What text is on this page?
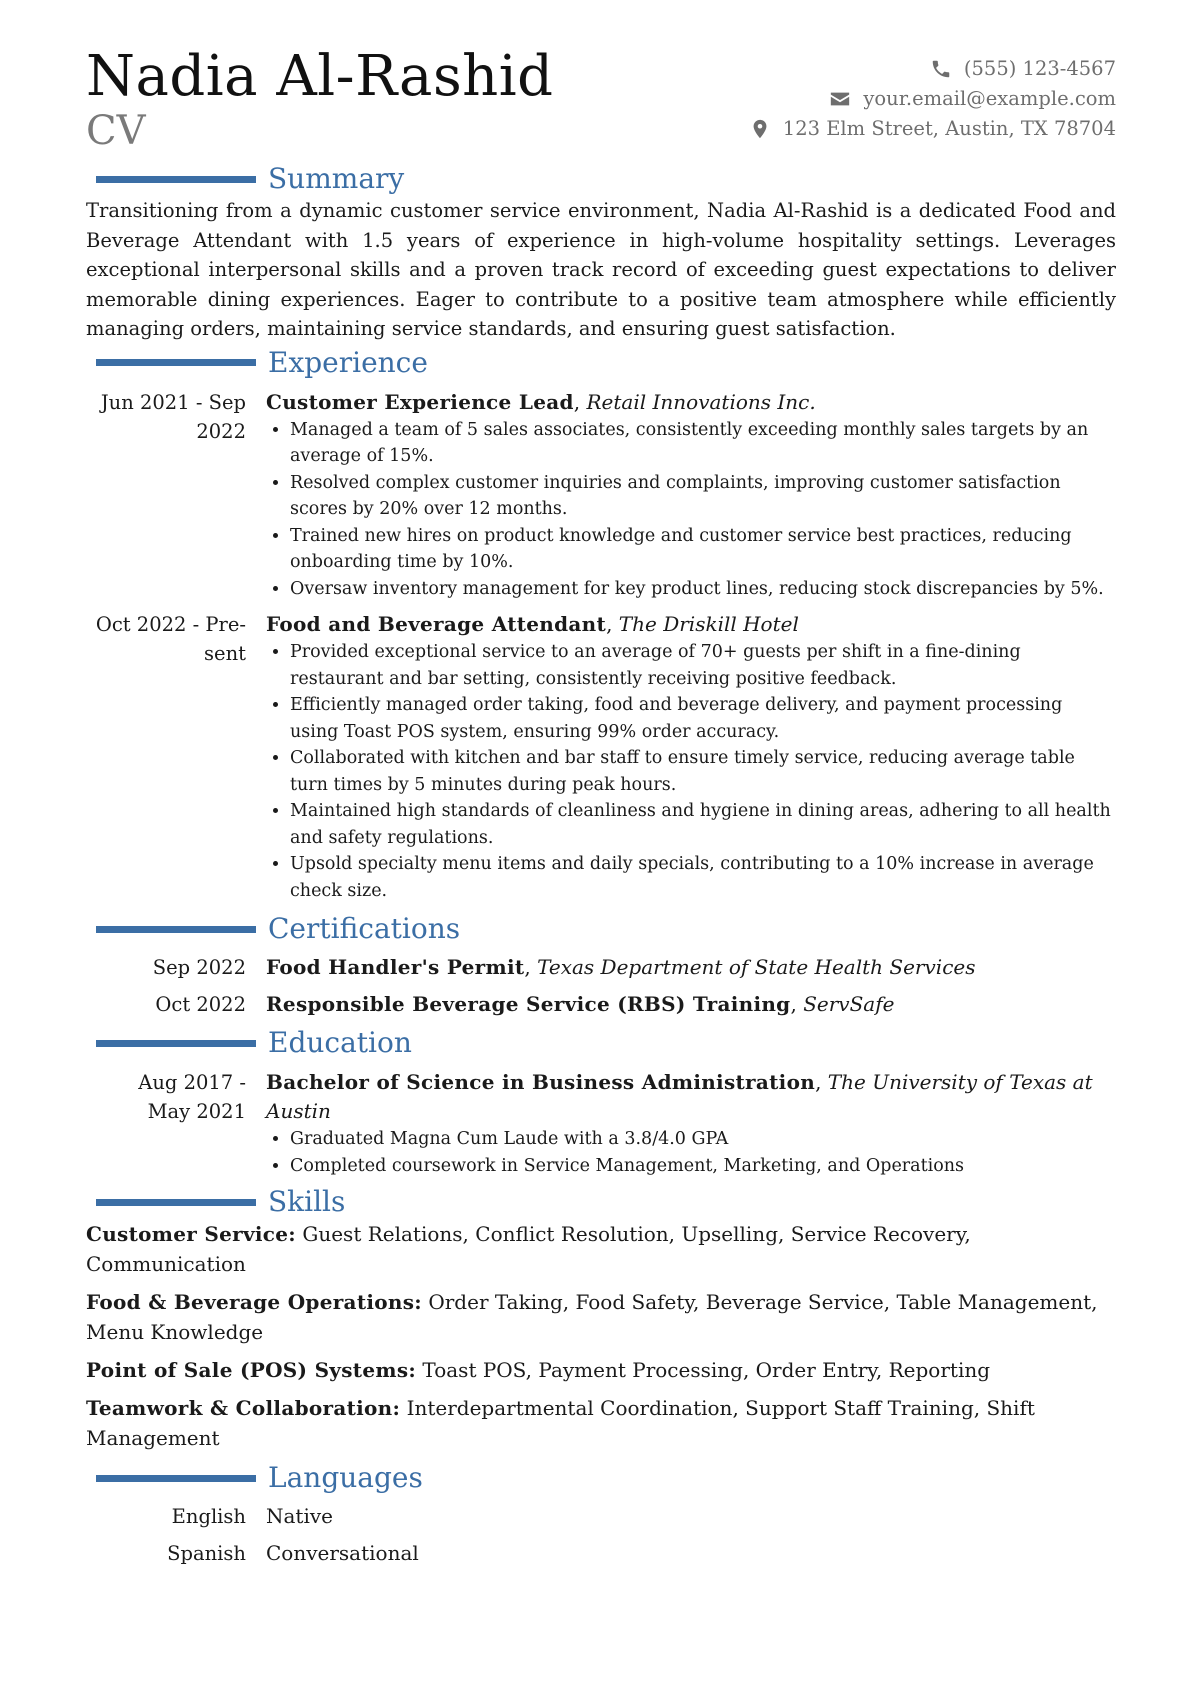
Nadia Al-Rashid
CV
(555) 123-4567
your.email@example.com
123 Elm Street, Austin, TX 78704
Summary

Transitioning from a dynamic customer service environment, Nadia Al-Rashid is a dedicated Food and Beverage Attendant with 1.5 years of experience in high-volume hospitality settings. Leverages exceptional interpersonal skills and a proven track record of exceeding guest expectations to deliver memorable dining experiences. Eager to contribute to a positive team atmosphere while efficiently managing orders, maintaining service standards, and ensuring guest satisfaction.

Experience
Jun 2021 - Sep
2022
Customer Experience Lead, Retail Innovations Inc.
• Managed a team of 5 sales associates, consistently exceeding monthly sales targets by an average of 15%.
• Resolved complex customer inquiries and complaints, improving customer satisfaction scores by 20% over 12 months.
• Trained new hires on product knowledge and customer service best practices, reducing onboarding time by 10%.
• Oversaw inventory management for key product lines, reducing stock discrepancies by 5%.
Oct 2022 - Pre-
sent
Food and Beverage Attendant, The Driskill Hotel
• Provided exceptional service to an average of 70+ guests per shift in a fine-dining restaurant and bar setting, consistently receiving positive feedback.
• Efficiently managed order taking, food and beverage delivery, and payment processing using Toast POS system, ensuring 99% order accuracy.
• Collaborated with kitchen and bar staff to ensure timely service, reducing average table turn times by 5 minutes during peak hours.
• Maintained high standards of cleanliness and hygiene in dining areas, adhering to all health and safety regulations.
• Upsold specialty menu items and daily specials, contributing to a 10% increase in average check size.
Certifications
Sep 2022	Food Handler's Permit, Texas Department of State Health Services
Oct 2022	Responsible Beverage Service (RBS) Training, ServSafe
Education
Aug 2017 -
May 2021
Bachelor of Science in Business Administration, The University of Texas at Austin
• Graduated Magna Cum Laude with a 3.8/4.0 GPA
• Completed coursework in Service Management, Marketing, and Operations
Skills
Customer Service: Guest Relations, Conflict Resolution, Upselling, Service Recovery, Communication
Food & Beverage Operations: Order Taking, Food Safety, Beverage Service, Table Management, Menu Knowledge
Point of Sale (POS) Systems: Toast POS, Payment Processing, Order Entry, Reporting
Teamwork & Collaboration: Interdepartmental Coordination, Support Staff Training, Shift Management
Languages
English	Native
Spanish	Conversational
